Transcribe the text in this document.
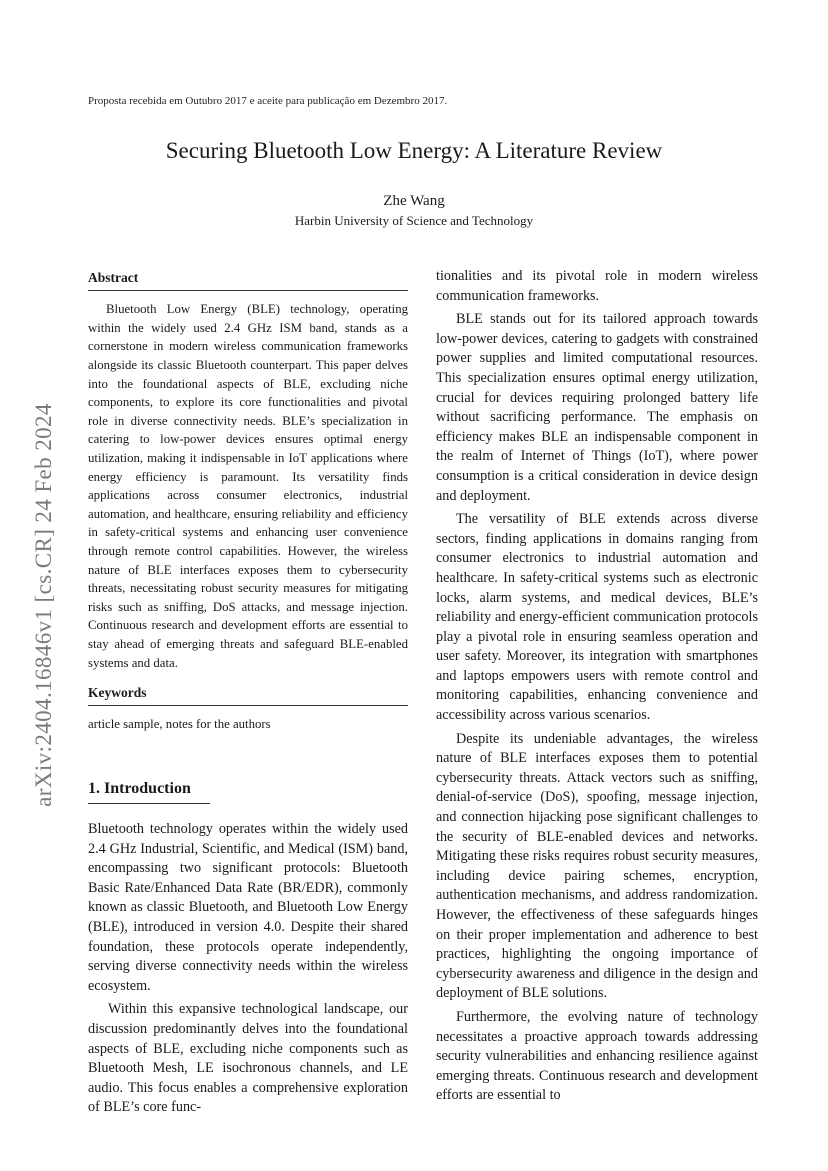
arXiv:2404.16846v1 [cs.CR] 24 Feb 2024
Proposta recebida em Outubro 2017 e aceite para publicação em Dezembro 2017.
Securing Bluetooth Low Energy: A Literature Review
Zhe Wang
Harbin University of Science and Technology
Abstract

Bluetooth Low Energy (BLE) technology, operating within the widely used 2.4 GHz ISM band, stands as a cornerstone in modern wireless communication frameworks alongside its classic Bluetooth counterpart. This paper delves into the foundational aspects of BLE, excluding niche components, to explore its core functionalities and pivotal role in diverse connectivity needs. BLE’s specialization in catering to low-power devices ensures optimal energy utilization, making it indispensable in IoT applications where energy efficiency is paramount. Its versatility finds applications across consumer electronics, industrial automation, and healthcare, ensuring reliability and efficiency in safety-critical systems and enhancing user convenience through remote control capabilities. However, the wireless nature of BLE interfaces exposes them to cybersecurity threats, necessitating robust security measures for mitigating risks such as sniffing, DoS attacks, and message injection. Continuous research and development efforts are essential to stay ahead of emerging threats and safeguard BLE-enabled systems and data.

Keywords

article sample, notes for the authors

1. Introduction

Bluetooth technology operates within the widely used 2.4 GHz Industrial, Scientific, and Medical (ISM) band, encompassing two significant protocols: Bluetooth Basic Rate/Enhanced Data Rate (BR/EDR), commonly known as classic Bluetooth, and Bluetooth Low Energy (BLE), introduced in version 4.0. Despite their shared foundation, these protocols operate independently, serving diverse connectivity needs within the wireless ecosystem.

Within this expansive technological landscape, our discussion predominantly delves into the foundational aspects of BLE, excluding niche components such as Bluetooth Mesh, LE isochronous channels, and LE audio. This focus enables a comprehensive exploration of BLE’s core func-

tionalities and its pivotal role in modern wireless communication frameworks.

BLE stands out for its tailored approach towards low-power devices, catering to gadgets with constrained power supplies and limited computational resources. This specialization ensures optimal energy utilization, crucial for devices requiring prolonged battery life without sacrificing performance. The emphasis on efficiency makes BLE an indispensable component in the realm of Internet of Things (IoT), where power consumption is a critical consideration in device design and deployment.

The versatility of BLE extends across diverse sectors, finding applications in domains ranging from consumer electronics to industrial automation and healthcare. In safety-critical systems such as electronic locks, alarm systems, and medical devices, BLE’s reliability and energy-efficient communication protocols play a pivotal role in ensuring seamless operation and user safety. Moreover, its integration with smartphones and laptops empowers users with remote control and monitoring capabilities, enhancing convenience and accessibility across various scenarios.

Despite its undeniable advantages, the wireless nature of BLE interfaces exposes them to potential cybersecurity threats. Attack vectors such as sniffing, denial-of-service (DoS), spoofing, message injection, and connection hijacking pose significant challenges to the security of BLE-enabled devices and networks. Mitigating these risks requires robust security measures, including device pairing schemes, encryption, authentication mechanisms, and address randomization. However, the effectiveness of these safeguards hinges on their proper implementation and adherence to best practices, highlighting the ongoing importance of cybersecurity awareness and diligence in the design and deployment of BLE solutions.

Furthermore, the evolving nature of technology necessitates a proactive approach towards addressing security vulnerabilities and enhancing resilience against emerging threats. Continuous research and development efforts are essential to
